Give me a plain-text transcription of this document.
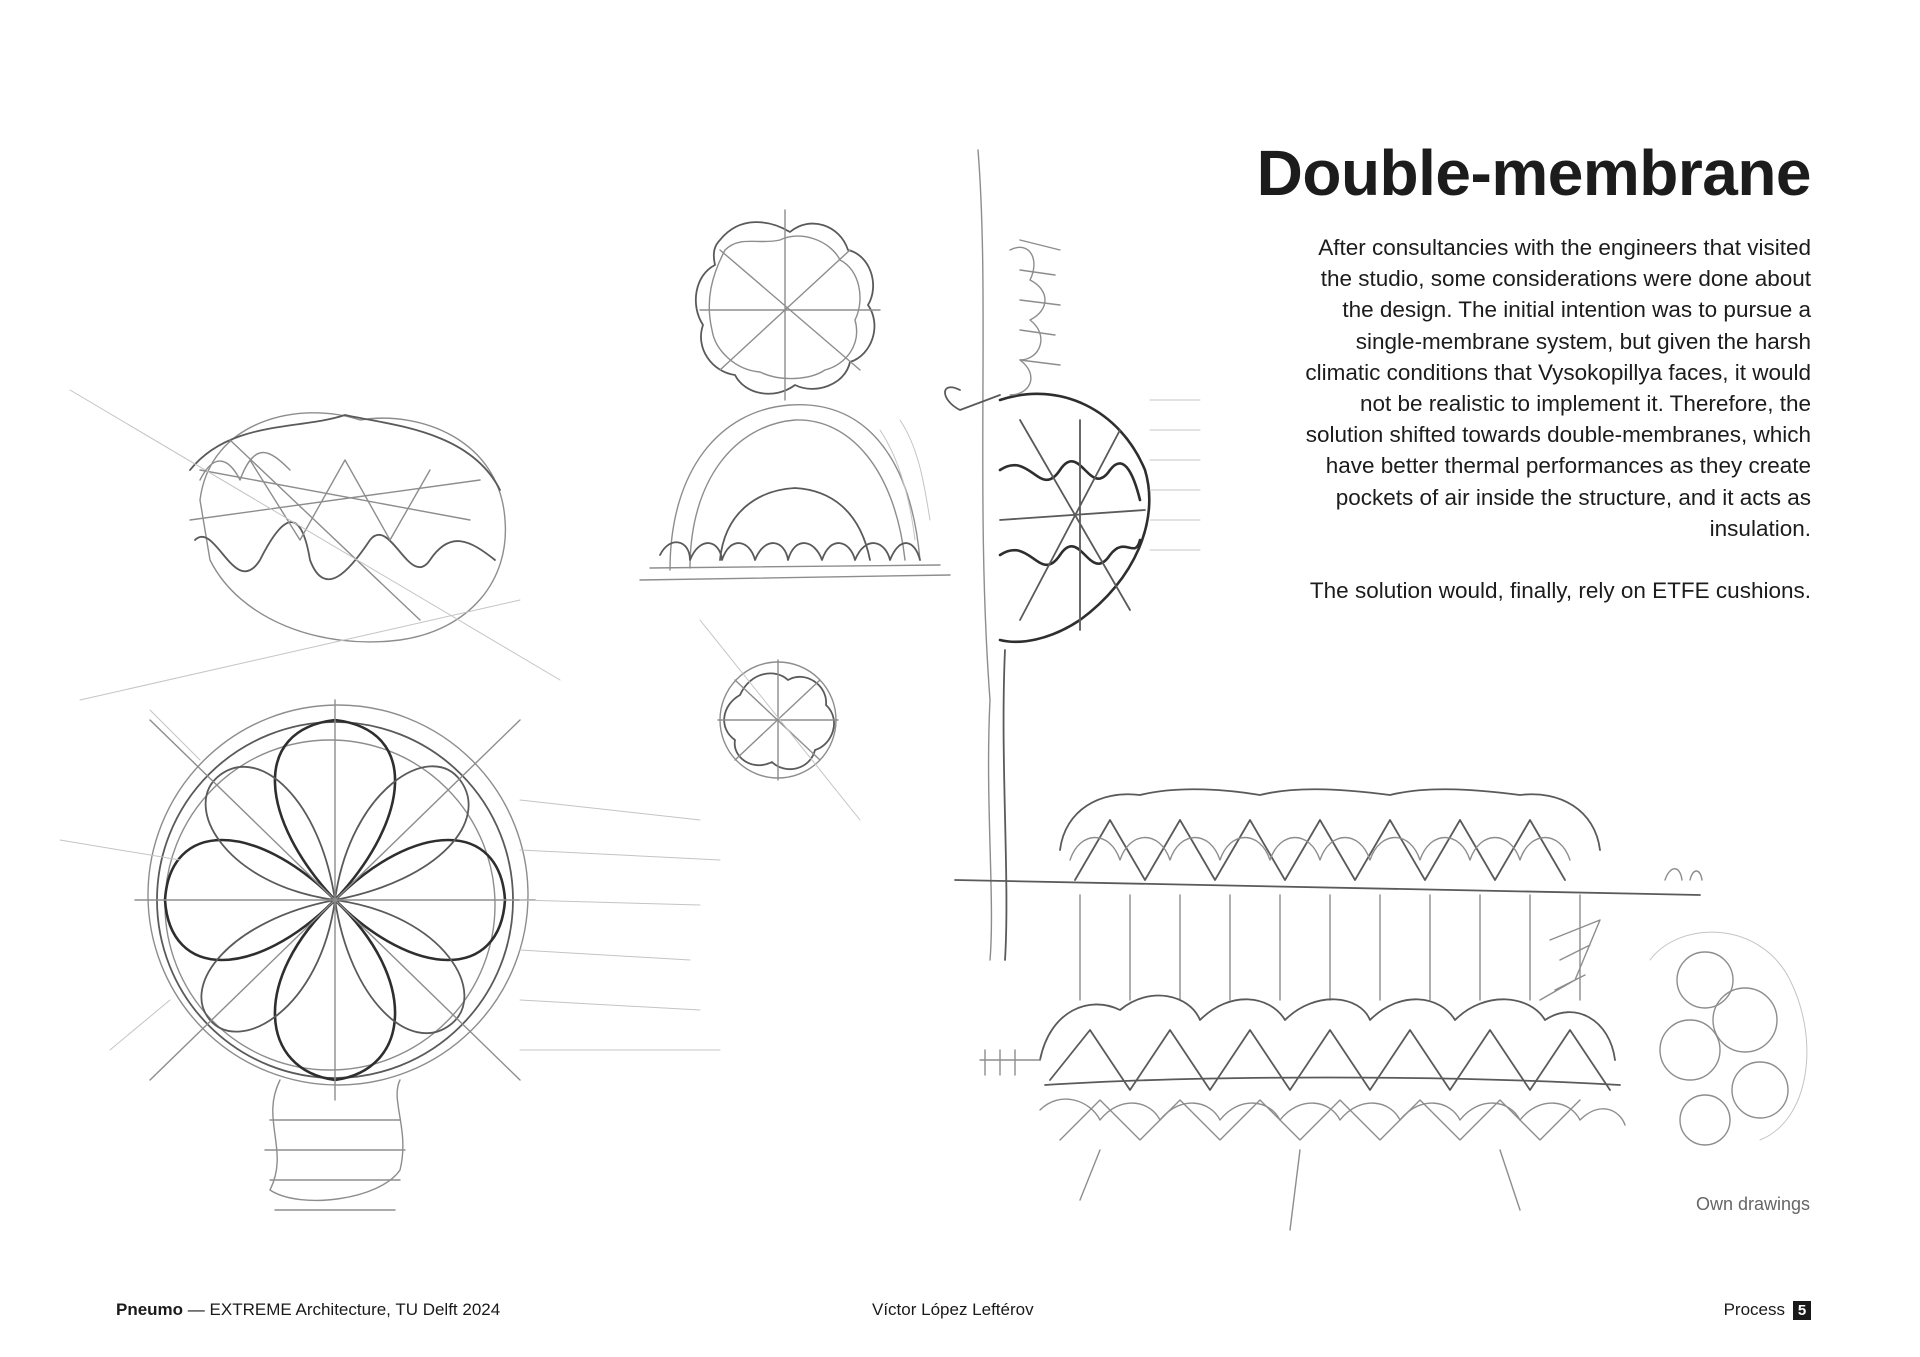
Double-membrane

After consultancies with the engineers that visited the studio, some considerations were done about the design. The initial intention was to pursue a single-membrane system, but given the harsh climatic conditions that Vysokopillya faces, it would not be realistic to implement it. Therefore, the solution shifted towards double-membranes, which have better thermal performances as they create pockets of air inside the structure, and it acts as insulation.

The solution would, finally, rely on ETFE cushions.

Own drawings
Pneumo — EXTREME Architecture, TU Delft 2024	Víctor López Leftérov	Process 5
